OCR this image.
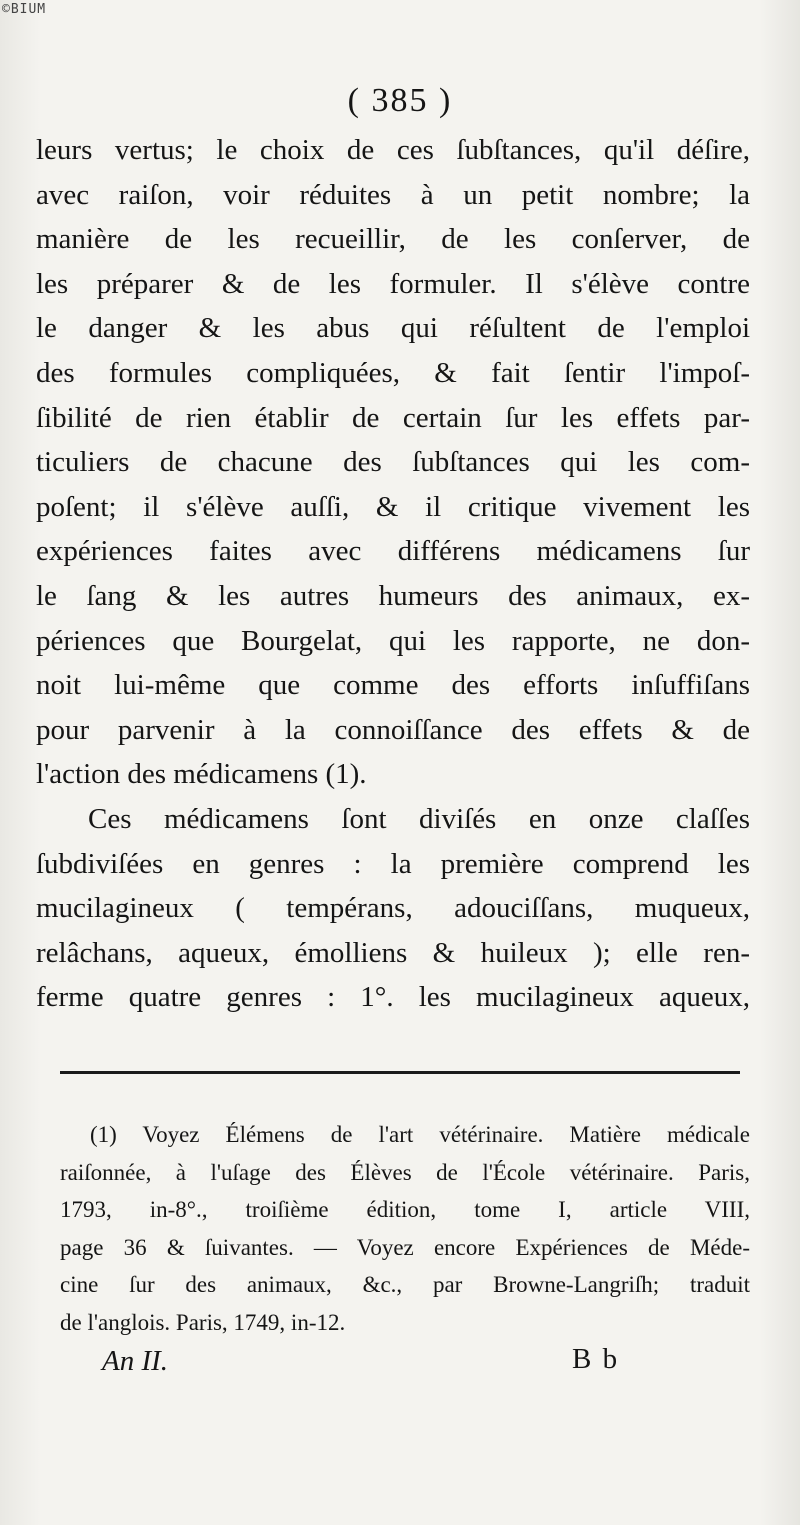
©BIUM
( 385 )
leurs vertus; le choix de ces ſubſtances, qu'il déſire,
avec raiſon, voir réduites à un petit nombre; la
manière de les recueillir, de les conſerver, de
les préparer & de les formuler. Il s'élève contre
le danger & les abus qui réſultent de l'emploi
des formules compliquées, & fait ſentir l'impoſ-
ſibilité de rien établir de certain ſur les effets par-
ticuliers de chacune des ſubſtances qui les com-
poſent; il s'élève auſſi, & il critique vivement les
expériences faites avec différens médicamens ſur
le ſang & les autres humeurs des animaux, ex-
périences que Bourgelat, qui les rapporte, ne don-
noit lui-même que comme des efforts inſuffiſans
pour parvenir à la connoiſſance des effets & de
l'action des médicamens (1).
Ces médicamens ſont diviſés en onze claſſes
ſubdiviſées en genres : la première comprend les
mucilagineux ( tempérans, adouciſſans, muqueux,
relâchans, aqueux, émolliens & huileux ); elle ren-
ferme quatre genres : 1°. les mucilagineux aqueux,
(1) Voyez Élémens de l'art vétérinaire. Matière médicale
raiſonnée, à l'uſage des Élèves de l'École vétérinaire. Paris,
1793, in-8°., troiſième édition, tome I, article VIII,
page 36 & ſuivantes. — Voyez encore Expériences de Méde-
cine ſur des animaux, &c., par Browne-Langriſh; traduit
de l'anglois. Paris, 1749, in-12.
An II.	B b
